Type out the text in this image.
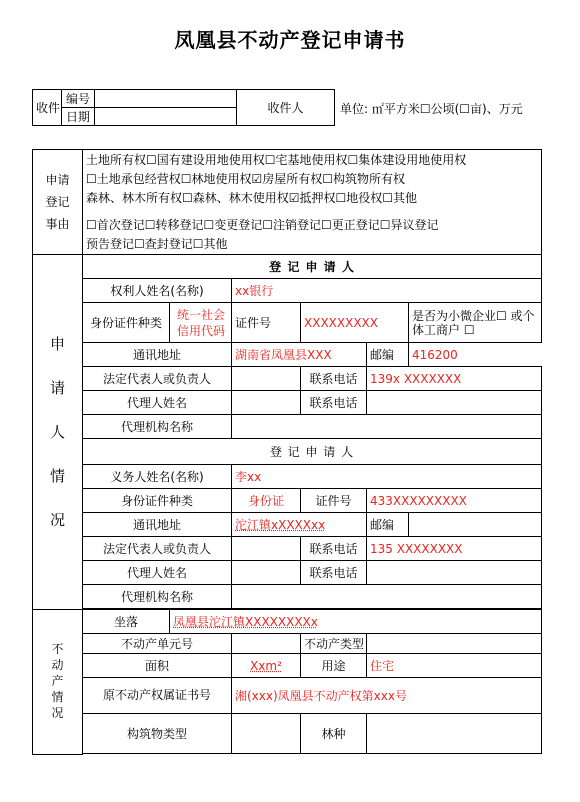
凤凰县不动产登记申请书
收件	编号		收件人
	日期		
单位: ㎡平方米☐公顷(☐亩)、万元
申请登记事由	土地所有权☐国有建设用地使用权☐宅基地使用权☐集体建设用地使用权
☐土地承包经营权☐林地使用权☑房屋所有权☐构筑物所有权
森林、林木所有权☐森林、林木使用权☑抵押权☐地役权☐其他
☐首次登记☐转移登记☐变更登记☐注销登记☐更正登记☐异议登记
预告登记☐查封登记☐其他					

申请人情况	登 记 申 请 人					
	权利人姓名(名称)		xx银行			
	身份证件种类	统一社会信用代码	证件号	XXXXXXXXX		是否为小微企业☐ 或个体工商户 ☐
	通讯地址		湖南省凤凰县XXX		邮编	416200
	法定代表人或负责人			联系电话	139x XXXXXXX	
	代理人姓名			联系电话		
	代理机构名称					
	登 记 申 请 人					
	义务人姓名(名称)		李xx			
	身份证件种类		身份证	证件号	433XXXXXXXXX	
	通讯地址		沱江镇xXXXXxx		邮编	
	法定代表人或负责人			联系电话	135 XXXXXXXX	
	代理人姓名			联系电话		
	代理机构名称					

不动产情况	坐落	凤凰县沱江镇XXXXXXXXx				
	不动产单元号			不动产类型		
	面积		Xxm²	用途	住宅	
	原不动产权属证书号		湘(xxx)凤凰县不动产权第xxx号			
	构筑物类型			林种		
